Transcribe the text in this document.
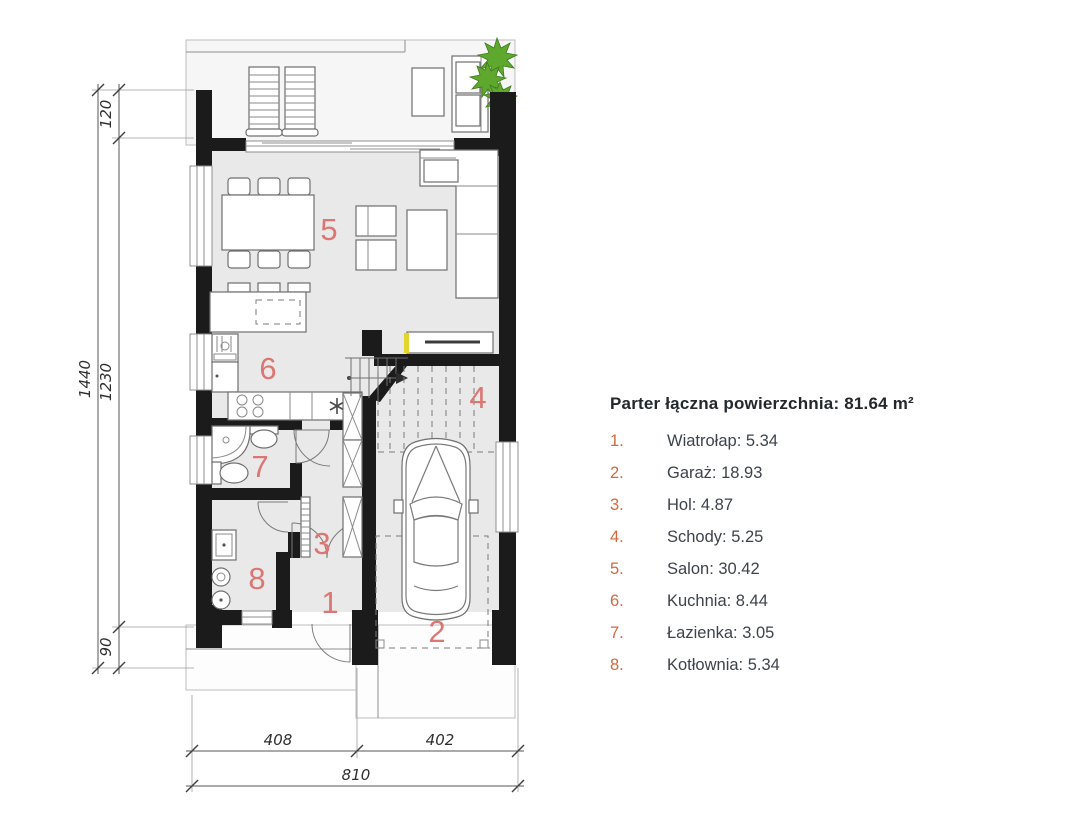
1
2
3
4
5
6
7
8
1440
120
1230
90
408	402
810
Parter łączna powierzchnia: 81.64 m²
1.	Wiatrołap: 5.34
2.	Garaż: 18.93
3.	Hol: 4.87
4.	Schody: 5.25
5.	Salon: 30.42
6.	Kuchnia: 8.44
7.	Łazienka: 3.05
8.	Kotłownia: 5.34
